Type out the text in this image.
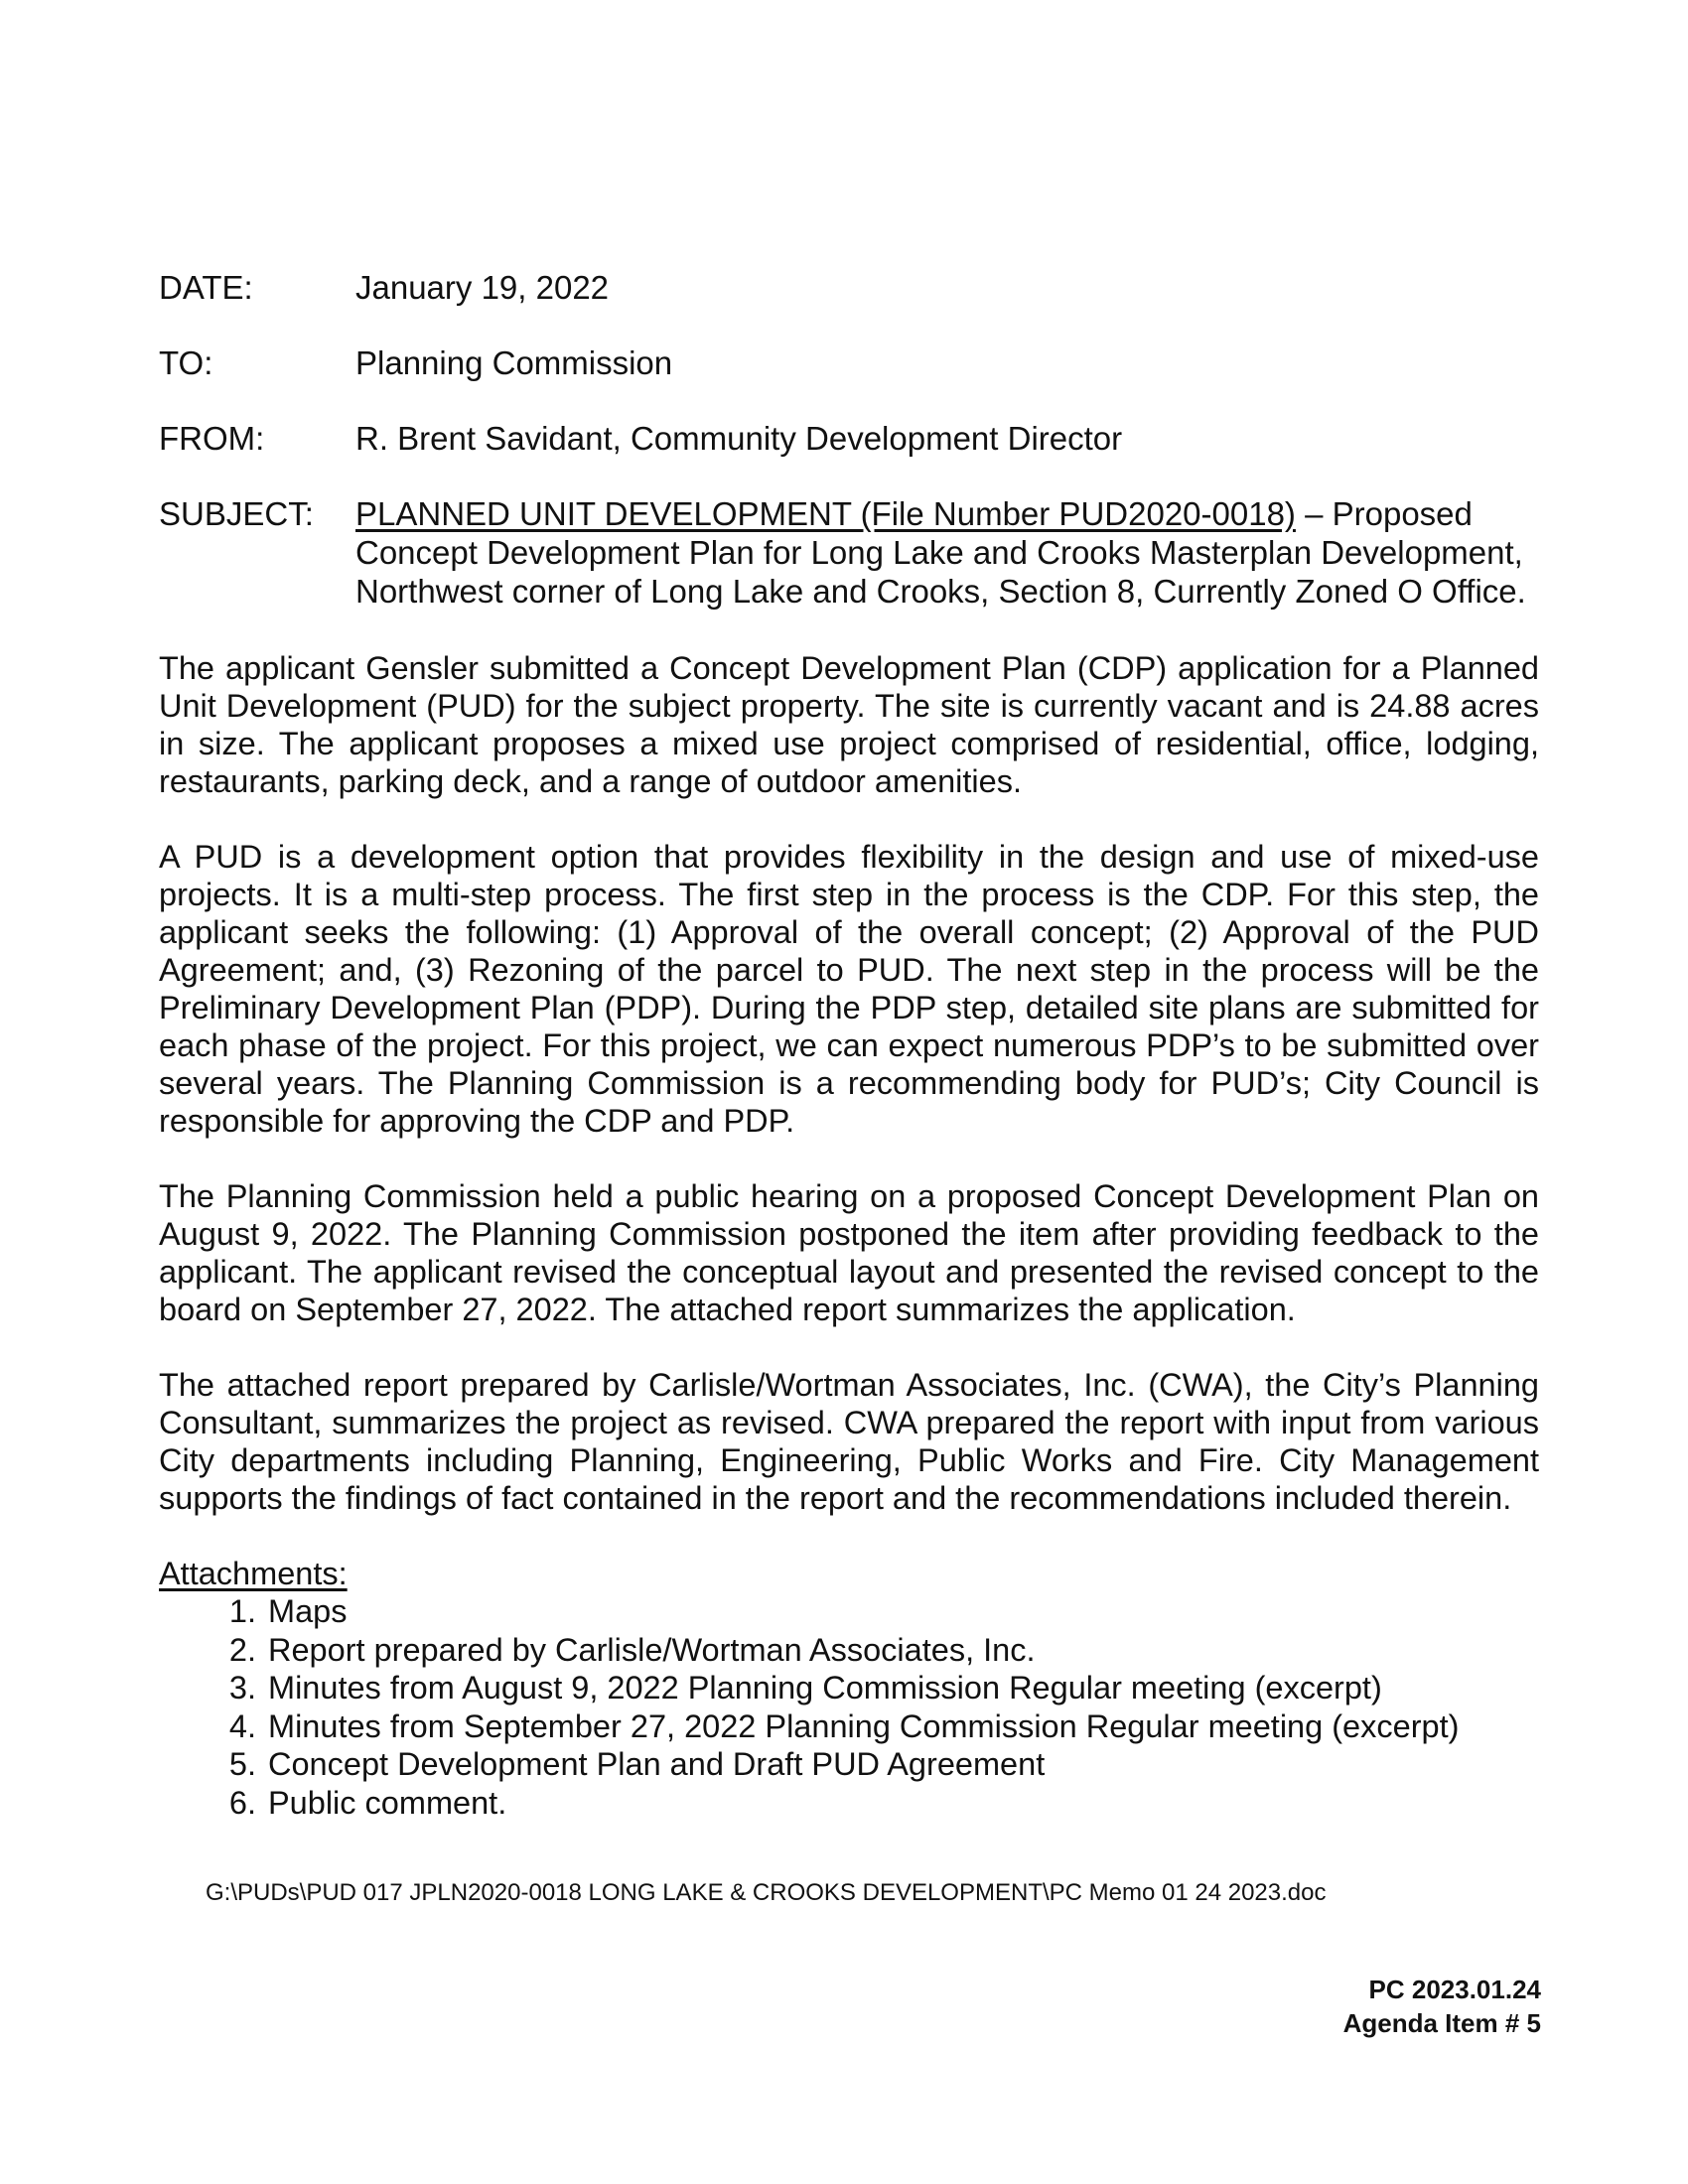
DATE:	January 19, 2022
TO:	Planning Commission
FROM:	R. Brent Savidant, Community Development Director
SUBJECT:	PLANNED UNIT DEVELOPMENT (File Number PUD2020-0018) – Proposed Concept Development Plan for Long Lake and Crooks Masterplan Development, Northwest corner of Long Lake and Crooks, Section 8, Currently Zoned O Office.

The applicant Gensler submitted a Concept Development Plan (CDP) application for a Planned Unit Development (PUD) for the subject property. The site is currently vacant and is 24.88 acres in size. The applicant proposes a mixed use project comprised of residential, office, lodging, restaurants, parking deck, and a range of outdoor amenities.

A PUD is a development option that provides flexibility in the design and use of mixed-use projects. It is a multi-step process. The first step in the process is the CDP. For this step, the applicant seeks the following: (1) Approval of the overall concept; (2) Approval of the PUD Agreement; and, (3) Rezoning of the parcel to PUD. The next step in the process will be the Preliminary Development Plan (PDP). During the PDP step, detailed site plans are submitted for each phase of the project. For this project, we can expect numerous PDP’s to be submitted over several years. The Planning Commission is a recommending body for PUD’s; City Council is responsible for approving the CDP and PDP.

The Planning Commission held a public hearing on a proposed Concept Development Plan on August 9, 2022. The Planning Commission postponed the item after providing feedback to the applicant. The applicant revised the conceptual layout and presented the revised concept to the board on September 27, 2022. The attached report summarizes the application.

The attached report prepared by Carlisle/Wortman Associates, Inc. (CWA), the City’s Planning Consultant, summarizes the project as revised. CWA prepared the report with input from various City departments including Planning, Engineering, Public Works and Fire. City Management supports the findings of fact contained in the report and the recommendations included therein.

Attachments:

1. Maps
2. Report prepared by Carlisle/Wortman Associates, Inc.
3. Minutes from August 9, 2022 Planning Commission Regular meeting (excerpt)
4. Minutes from September 27, 2022 Planning Commission Regular meeting (excerpt)
5. Concept Development Plan and Draft PUD Agreement
6. Public comment.
G:\PUDs\PUD 017 JPLN2020-0018 LONG LAKE & CROOKS DEVELOPMENT\PC Memo 01 24 2023.doc
PC 2023.01.24
Agenda Item # 5
